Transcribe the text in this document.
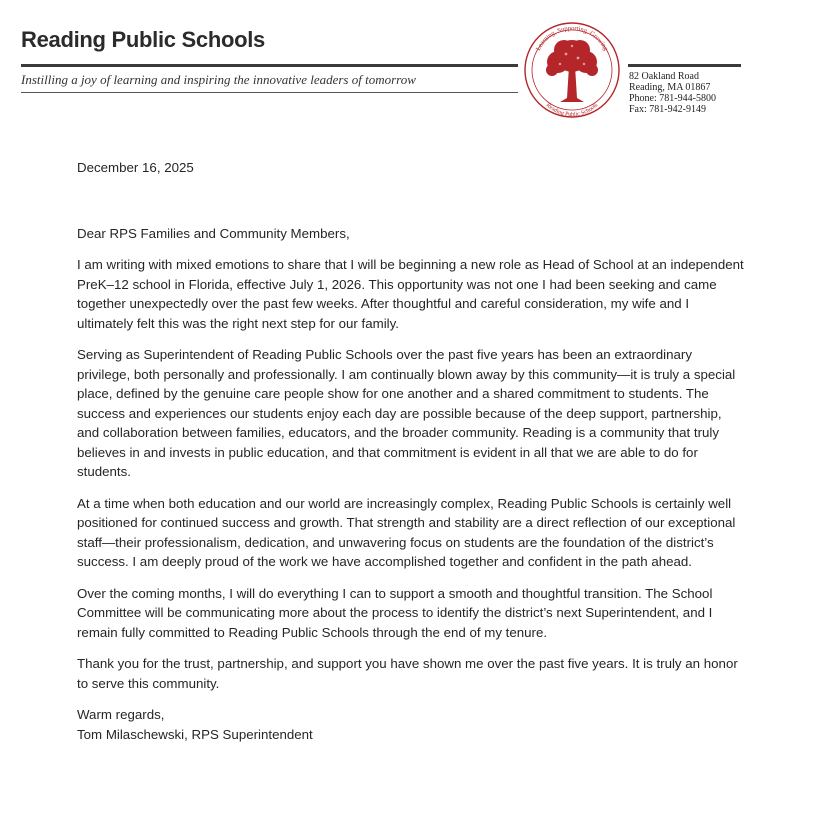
Reading Public Schools

Instilling a joy of learning and inspiring the innovative leaders of tomorrow

Learning, Supporting, Growing
Reading Public Schools
82 Oakland Road
Reading, MA 01867
Phone: 781-944-5800
Fax: 781-942-9149

December 16, 2025

Dear RPS Families and Community Members,

I am writing with mixed emotions to share that I will be beginning a new role as Head of School at an independent PreK–12 school in Florida, effective July 1, 2026. This opportunity was not one I had been seeking and came together unexpectedly over the past few weeks. After thoughtful and careful consideration, my wife and I ultimately felt this was the right next step for our family.

Serving as Superintendent of Reading Public Schools over the past five years has been an extraordinary privilege, both personally and professionally. I am continually blown away by this community—it is truly a special place, defined by the genuine care people show for one another and a shared commitment to students. The success and experiences our students enjoy each day are possible because of the deep support, partnership, and collaboration between families, educators, and the broader community. Reading is a community that truly believes in and invests in public education, and that commitment is evident in all that we are able to do for students.

At a time when both education and our world are increasingly complex, Reading Public Schools is certainly well positioned for continued success and growth. That strength and stability are a direct reflection of our exceptional staff—their professionalism, dedication, and unwavering focus on students are the foundation of the district’s success. I am deeply proud of the work we have accomplished together and confident in the path ahead.

Over the coming months, I will do everything I can to support a smooth and thoughtful transition. The School Committee will be communicating more about the process to identify the district’s next Superintendent, and I remain fully committed to Reading Public Schools through the end of my tenure.

Thank you for the trust, partnership, and support you have shown me over the past five years. It is truly an honor to serve this community.

Warm regards,
Tom Milaschewski, RPS Superintendent
